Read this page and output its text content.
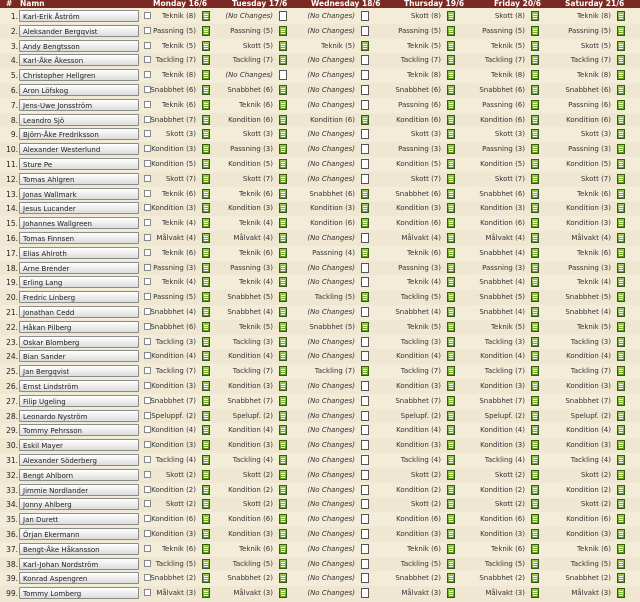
# Namn	Monday 16/6	Tuesday 17/6	Wednesday 18/6	Thursday 19/6	Friday 20/6	Saturday 21/6
1. Karl-Erik Åström	Teknik (8)	(No Changes)	(No Changes)	Skott (8)	Skott (8)	Teknik (8)
2. Aleksander Bergqvist	Passning (5)	Passning (5)	(No Changes)	Passning (5)	Passning (5)	Passning (5)
3. Andy Bengtsson	Teknik (5)	Skott (5)	Teknik (5)	Teknik (5)	Teknik (5)	Skott (5)
4. Karl-Åke Åkesson	Tackling (7)	Tackling (7)	(No Changes)	Tackling (7)	Tackling (7)	Tackling (7)
5. Christopher Hellgren	Teknik (8)	(No Changes)	(No Changes)	Teknik (8)	Teknik (8)	Teknik (8)
6. Aron Löfskog	Snabbhet (6)	Snabbhet (6)	(No Changes)	Snabbhet (6)	Snabbhet (6)	Snabbhet (6)
7. Jens-Uwe Jonsström	Teknik (6)	Teknik (6)	(No Changes)	Passning (6)	Passning (6)	Passning (6)
8. Leandro Sjö	Snabbhet (7)	Kondition (6)	Kondition (6)	Kondition (6)	Kondition (6)	Kondition (6)
9. Björn-Åke Fredriksson	Skott (3)	Skott (3)	(No Changes)	Skott (3)	Skott (3)	Skott (3)
10. Alexander Westerlund	Kondition (3)	Passning (3)	(No Changes)	Passning (3)	Passning (3)	Passning (3)
11. Sture Pe	Kondition (5)	Kondition (5)	(No Changes)	Kondition (5)	Kondition (5)	Kondition (5)
12. Tomas Ahlgren	Skott (7)	Skott (7)	(No Changes)	Skott (7)	Skott (7)	Skott (7)
13. Jonas Wallmark	Teknik (6)	Teknik (6)	Snabbhet (6)	Snabbhet (6)	Snabbhet (6)	Teknik (6)
14. Jesus Lucander	Kondition (3)	Kondition (3)	Kondition (3)	Kondition (3)	Kondition (3)	Kondition (3)
15. Johannes Wallgreen	Teknik (4)	Teknik (4)	Kondition (6)	Kondition (6)	Kondition (6)	Kondition (3)
16. Tomas Finnsen	Målvakt (4)	Målvakt (4)	(No Changes)	Målvakt (4)	Målvakt (4)	Målvakt (4)
17. Elias Ahlroth	Teknik (6)	Teknik (6)	Passning (4)	Teknik (6)	Snabbhet (4)	Teknik (6)
18. Arne Brender	Passning (3)	Passning (3)	(No Changes)	Passning (3)	Passning (3)	Passning (3)
19. Erling Lang	Teknik (4)	Teknik (4)	(No Changes)	Teknik (4)	Snabbhet (4)	Teknik (4)
20. Fredric Linberg	Passning (5)	Snabbhet (5)	Tackling (5)	Tackling (5)	Snabbhet (5)	Snabbhet (5)
21. Jonathan Cedd	Snabbhet (4)	Snabbhet (4)	(No Changes)	Snabbhet (4)	Snabbhet (4)	Snabbhet (4)
22. Håkan Pilberg	Snabbhet (6)	Teknik (5)	Snabbhet (5)	Teknik (5)	Teknik (5)	Teknik (5)
23. Oskar Blomberg	Tackling (3)	Tackling (3)	(No Changes)	Tackling (3)	Tackling (3)	Tackling (3)
24. Bian Sander	Kondition (4)	Kondition (4)	(No Changes)	Kondition (4)	Kondition (4)	Kondition (4)
25. Jan Bergqvist	Tackling (7)	Tackling (7)	Tackling (7)	Tackling (7)	Tackling (7)	Tackling (7)
26. Ernst Lindström	Kondition (3)	Kondition (3)	(No Changes)	Kondition (3)	Kondition (3)	Kondition (3)
27. Filip Ugeling	Snabbhet (7)	Snabbhet (7)	(No Changes)	Snabbhet (7)	Snabbhet (7)	Snabbhet (7)
28. Leonardo Nyström	Speluppf. (2)	Spelupf. (2)	(No Changes)	Spelupf. (2)	Spelupf. (2)	Spelupf. (2)
29. Tommy Pehrsson	Kondition (4)	Kondition (4)	(No Changes)	Kondition (4)	Kondition (4)	Kondition (4)
30. Eskil Mayer	Kondition (3)	Kondition (3)	(No Changes)	Kondition (3)	Kondition (3)	Kondition (3)
31. Alexander Söderberg	Tackling (4)	Tackling (4)	(No Changes)	Tackling (4)	Tackling (4)	Tackling (4)
32. Bengt Ahlborn	Skott (2)	Skott (2)	(No Changes)	Skott (2)	Skott (2)	Skott (2)
33. Jimmie Nordlander	Kondition (2)	Kondition (2)	(No Changes)	Kondition (2)	Kondition (2)	Kondition (2)
34. Jonny Ahlberg	Skott (2)	Skott (2)	(No Changes)	Skott (2)	Skott (2)	Skott (2)
35. Jan Durett	Kondition (6)	Kondition (6)	(No Changes)	Kondition (6)	Kondition (6)	Kondition (6)
36. Örjan Ekermann	Kondition (3)	Kondition (3)	(No Changes)	Kondition (3)	Kondition (3)	Kondition (3)
37. Bengt-Åke Håkansson	Teknik (6)	Teknik (6)	(No Changes)	Teknik (6)	Teknik (6)	Teknik (6)
38. Karl-Johan Nordström	Tackling (5)	Tackling (5)	(No Changes)	Tackling (5)	Tackling (5)	Tackling (5)
39. Konrad Aspengren	Snabbhet (2)	Snabbhet (2)	(No Changes)	Snabbhet (2)	Snabbhet (2)	Snabbhet (2)
99. Tommy Lomberg	Målvakt (3)	Målvakt (3)	(No Changes)	Målvakt (3)	Målvakt (3)	Målvakt (3)
